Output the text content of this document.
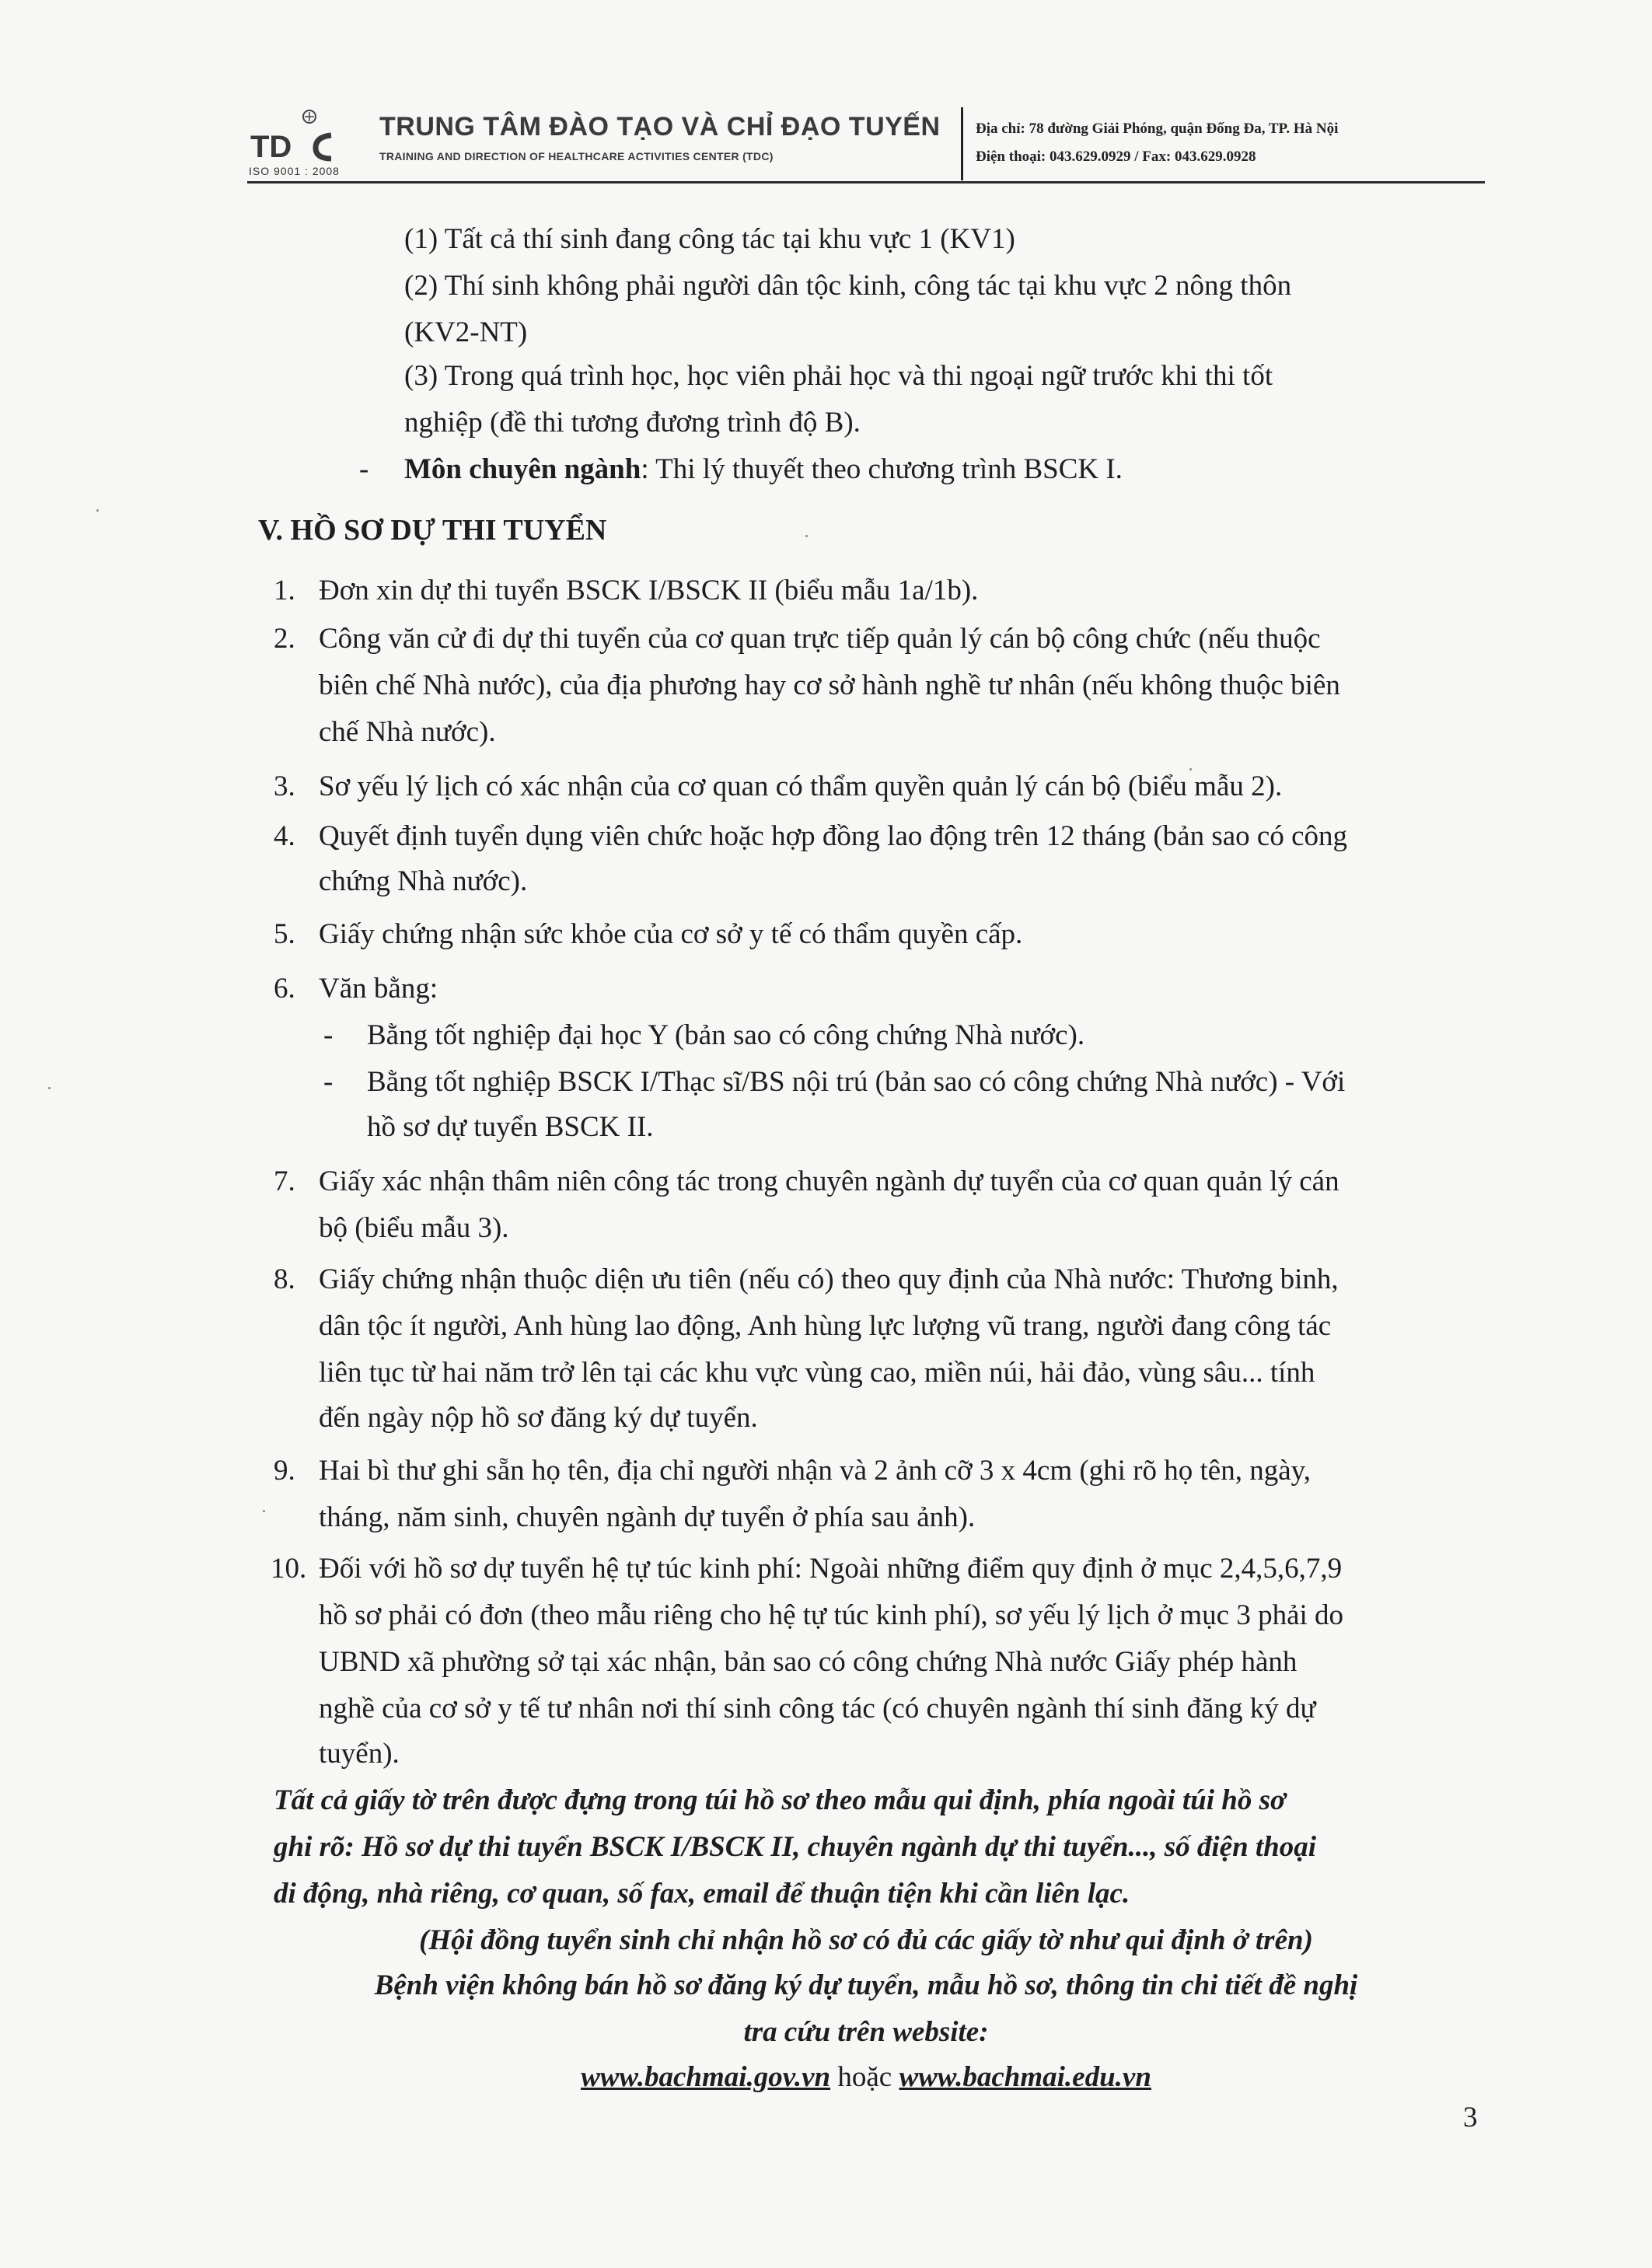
TD
ISO 9001 : 2008
TRUNG TÂM ĐÀO TẠO VÀ CHỈ ĐẠO TUYẾN
TRAINING AND DIRECTION OF HEALTHCARE ACTIVITIES CENTER (TDC)
Địa chỉ: 78 đường Giải Phóng, quận Đống Đa, TP. Hà Nội
Điện thoại: 043.629.0929 / Fax: 043.629.0928
(1) Tất cả thí sinh đang công tác tại khu vực 1 (KV1)
(2) Thí sinh không phải người dân tộc kinh, công tác tại khu vực 2 nông thôn
(KV2-NT)
(3) Trong quá trình học, học viên phải học và thi ngoại ngữ trước khi thi tốt
nghiệp (đề thi tương đương trình độ B).
- Môn chuyên ngành: Thi lý thuyết theo chương trình BSCK I.
V. HỒ SƠ DỰ THI TUYỂN
1. Đơn xin dự thi tuyển BSCK I/BSCK II (biểu mẫu 1a/1b).
2. Công văn cử đi dự thi tuyển của cơ quan trực tiếp quản lý cán bộ công chức (nếu thuộc
biên chế Nhà nước), của địa phương hay cơ sở hành nghề tư nhân (nếu không thuộc biên
chế Nhà nước).
3. Sơ yếu lý lịch có xác nhận của cơ quan có thẩm quyền quản lý cán bộ (biểu mẫu 2).
4. Quyết định tuyển dụng viên chức hoặc hợp đồng lao động trên 12 tháng (bản sao có công
chứng Nhà nước).
5. Giấy chứng nhận sức khỏe của cơ sở y tế có thẩm quyền cấp.
6. Văn bằng:
- Bằng tốt nghiệp đại học Y (bản sao có công chứng Nhà nước).
- Bằng tốt nghiệp BSCK I/Thạc sĩ/BS nội trú (bản sao có công chứng Nhà nước) - Với
hồ sơ dự tuyển BSCK II.
7. Giấy xác nhận thâm niên công tác trong chuyên ngành dự tuyển của cơ quan quản lý cán
bộ (biểu mẫu 3).
8. Giấy chứng nhận thuộc diện ưu tiên (nếu có) theo quy định của Nhà nước: Thương binh,
dân tộc ít người, Anh hùng lao động, Anh hùng lực lượng vũ trang, người đang công tác
liên tục từ hai năm trở lên tại các khu vực vùng cao, miền núi, hải đảo, vùng sâu... tính
đến ngày nộp hồ sơ đăng ký dự tuyển.
9. Hai bì thư ghi sẵn họ tên, địa chỉ người nhận và 2 ảnh cỡ 3 x 4cm (ghi rõ họ tên, ngày,
tháng, năm sinh, chuyên ngành dự tuyển ở phía sau ảnh).
10. Đối với hồ sơ dự tuyển hệ tự túc kinh phí: Ngoài những điểm quy định ở mục 2,4,5,6,7,9
hồ sơ phải có đơn (theo mẫu riêng cho hệ tự túc kinh phí), sơ yếu lý lịch ở mục 3 phải do
UBND xã phường sở tại xác nhận, bản sao có công chứng Nhà nước Giấy phép hành
nghề của cơ sở y tế tư nhân nơi thí sinh công tác (có chuyên ngành thí sinh đăng ký dự
tuyển).
Tất cả giấy tờ trên được đựng trong túi hồ sơ theo mẫu qui định, phía ngoài túi hồ sơ
ghi rõ: Hồ sơ dự thi tuyển BSCK I/BSCK II, chuyên ngành dự thi tuyển..., số điện thoại
di động, nhà riêng, cơ quan, số fax, email để thuận tiện khi cần liên lạc.
(Hội đồng tuyển sinh chỉ nhận hồ sơ có đủ các giấy tờ như qui định ở trên)
Bệnh viện không bán hồ sơ đăng ký dự tuyển, mẫu hồ sơ, thông tin chi tiết đề nghị
tra cứu trên website:
www.bachmai.gov.vn hoặc www.bachmai.edu.vn
3
